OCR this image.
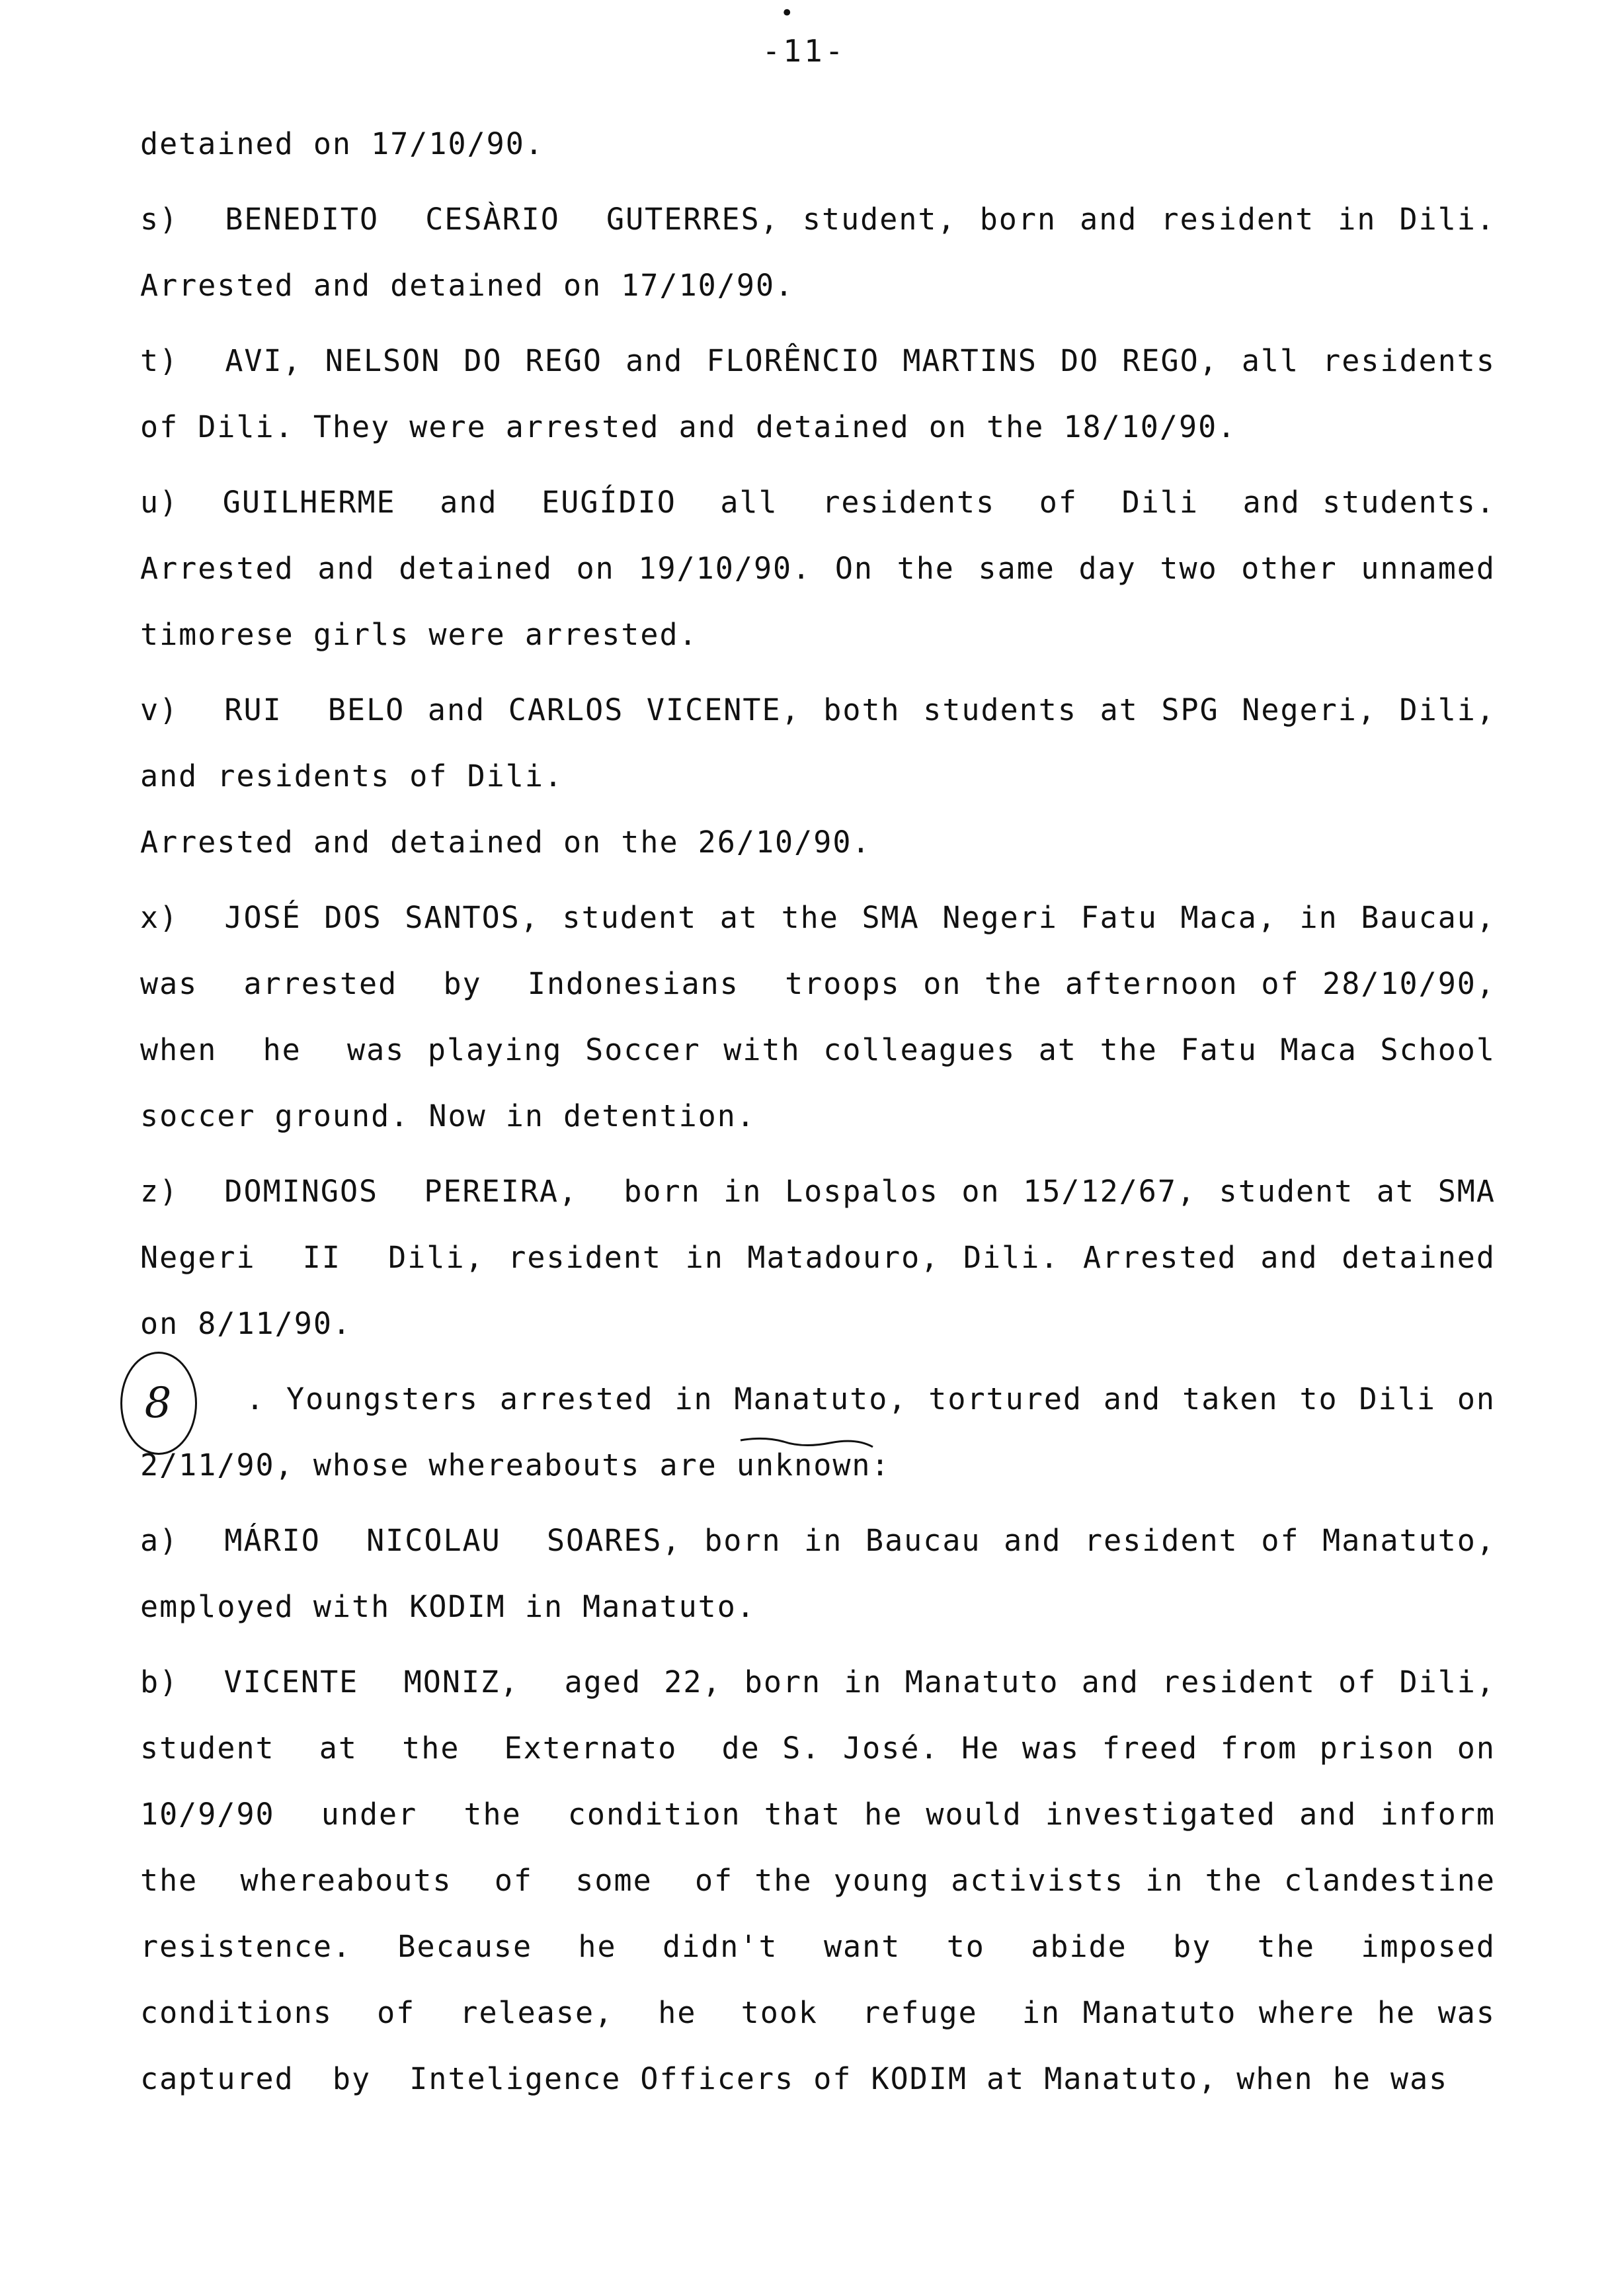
•
-11-

detained on 17/10/90.

s)  BENEDITO  CESÀRIO  GUTERRES, student, born and resident in Dili. Arrested and detained on 17/10/90.

t)  AVI, NELSON DO REGO and FLORÊNCIO MARTINS DO REGO, all residents of Dili. They were arrested and detained on the 18/10/90.

u)  GUILHERME  and  EUGÍDIO  all  residents  of  Dili  and students. Arrested and detained on 19/10/90. On the same day two other unnamed timorese girls were arrested.

v)  RUI  BELO and CARLOS VICENTE, both students at SPG Negeri, Dili, and residents of Dili.

Arrested and detained on the 26/10/90.

x)  JOSÉ DOS SANTOS, student at the SMA Negeri Fatu Maca, in Baucau, was  arrested  by  Indonesians  troops on the afternoon of 28/10/90, when  he  was playing Soccer with colleagues at the Fatu Maca School soccer ground. Now in detention.

z)  DOMINGOS  PEREIRA,  born in Lospalos on 15/12/67, student at SMA Negeri  II  Dili, resident in Matadouro, Dili. Arrested and detained on 8/11/90.

8	. Youngsters arrested in Manatuto, tortured and taken to Dili on 2/11/90, whose whereabouts are unknown:

a)  MÁRIO  NICOLAU  SOARES, born in Baucau and resident of Manatuto, employed with KODIM in Manatuto.

b)  VICENTE  MONIZ,  aged 22, born in Manatuto and resident of Dili, student  at  the  Externato  de S. José. He was freed from prison on 10/9/90  under  the  condition that he would investigated and inform the  whereabouts  of  some  of the young activists in the clandestine resistence.  Because  he  didn't  want  to  abide  by  the  imposed conditions  of  release,  he  took  refuge  in Manatuto where he was captured  by  Inteligence Officers of KODIM at Manatuto, when he was
